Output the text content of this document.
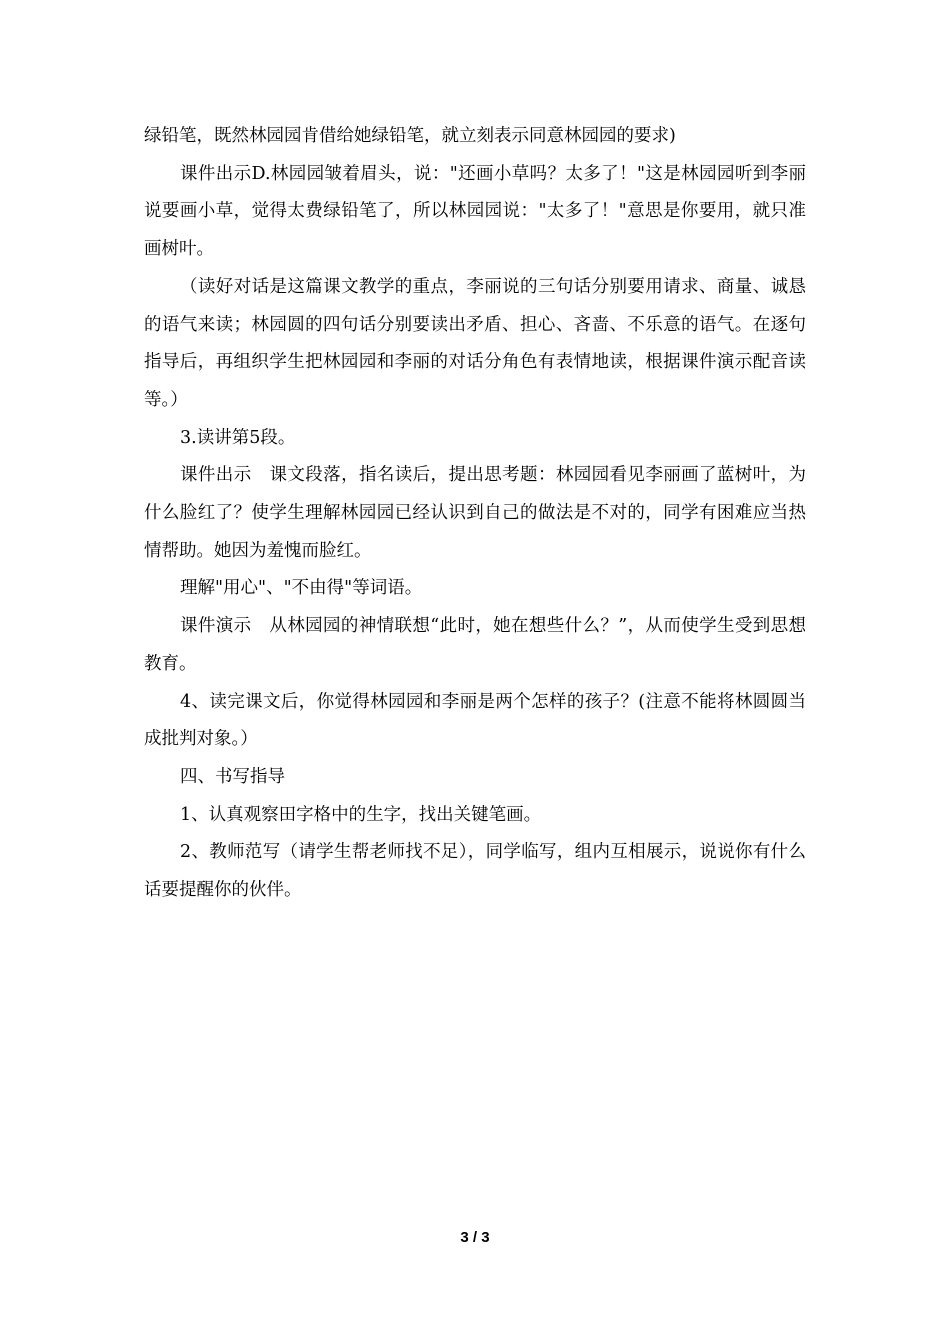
绿铅笔，既然林园园肯借给她绿铅笔，就立刻表示同意林园园的要求)

课件出示D.林园园皱着眉头，说："还画小草吗？太多了！"这是林园园听到李丽说要画小草，觉得太费绿铅笔了，所以林园园说："太多了！"意思是你要用，就只准画树叶。

（读好对话是这篇课文教学的重点，李丽说的三句话分别要用请求、商量、诚恳的语气来读；林园圆的四句话分别要读出矛盾、担心、吝啬、不乐意的语气。在逐句指导后，再组织学生把林园园和李丽的对话分角色有表情地读，根据课件演示配音读等。）

3.读讲第5段。

课件出示　课文段落，指名读后，提出思考题：林园园看见李丽画了蓝树叶，为什么脸红了？使学生理解林园园已经认识到自己的做法是不对的，同学有困难应当热情帮助。她因为羞愧而脸红。

理解"用心"、"不由得"等词语。

课件演示　从林园园的神情联想“此时，她在想些什么？”，从而使学生受到思想教育。

4、读完课文后，你觉得林园园和李丽是两个怎样的孩子？(注意不能将林圆圆当成批判对象。）

四、书写指导

1、认真观察田字格中的生字，找出关键笔画。

2、教师范写（请学生帮老师找不足），同学临写，组内互相展示，说说你有什么话要提醒你的伙伴。

3 / 3
